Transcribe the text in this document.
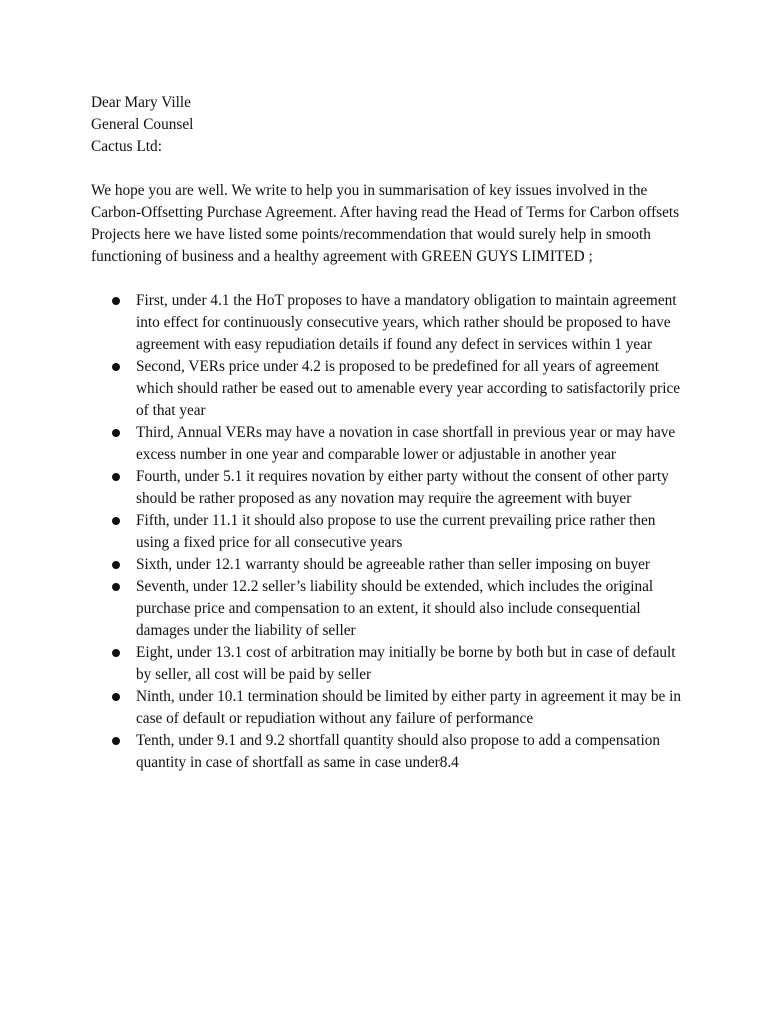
Dear Mary Ville
General Counsel
Cactus Ltd:

We hope you are well. We write to help you in summarisation of key issues involved in the Carbon-Offsetting Purchase Agreement. After having read the Head of Terms for Carbon offsets Projects here we have listed some points/recommendation that would surely help in smooth functioning of business and a healthy agreement with GREEN GUYS LIMITED ;

First, under 4.1 the HoT proposes to have a mandatory obligation to maintain agreement into effect for continuously consecutive years, which rather should be proposed to have agreement with easy repudiation details if found any defect in services within 1 year
Second, VERs price under 4.2 is proposed to be predefined for all years of agreement which should rather be eased out to amenable every year according to satisfactorily price of that year
Third, Annual VERs may have a novation in case shortfall in previous year or may have excess number in one year and comparable lower or adjustable in another year
Fourth, under 5.1 it requires novation by either party without the consent of other party should be rather proposed as any novation may require the agreement with buyer
Fifth, under 11.1 it should also propose to use the current prevailing price rather then using a fixed price for all consecutive years
Sixth, under 12.1 warranty should be agreeable rather than seller imposing on buyer
Seventh, under 12.2 seller’s liability should be extended, which includes the original purchase price and compensation to an extent, it should also include consequential damages under the liability of seller
Eight, under 13.1 cost of arbitration may initially be borne by both but in case of default by seller, all cost will be paid by seller
Ninth, under 10.1 termination should be limited by either party in agreement it may be in case of default or repudiation without any failure of performance
Tenth, under 9.1 and 9.2 shortfall quantity should also propose to add a compensation quantity in case of shortfall as same in case under8.4
